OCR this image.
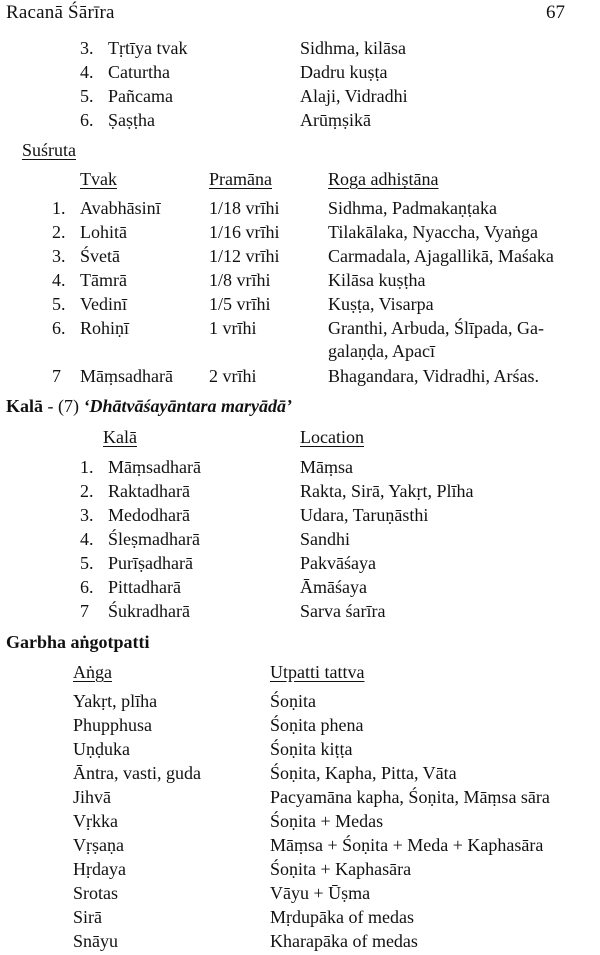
Racanā Śārīra	67
3. Tṛtīya tvak	Sidhma, kilāsa
4. Caturtha	Dadru kuṣṭa
5. Pañcama	Alaji, Vidradhi
6. Ṣaṣṭha	Arūṃṣikā
Suśruta
Tvak	Pramāna	Roga adhiṣtāna
1. Avabhāsinī	1/18 vrīhi	Sidhma, Padmakaṇṭaka
2. Lohitā	1/16 vrīhi	Tilakālaka, Nyaccha, Vyaṅga
3. Śvetā	1/12 vrīhi	Carmadala, Ajagallikā, Maśaka
4. Tāmrā	1/8 vrīhi	Kilāsa kuṣṭha
5. Vedinī	1/5 vrīhi	Kuṣṭa, Visarpa
6. Rohiṇī	1 vrīhi	Granthi, Arbuda, Ślīpada, Ga-
galaṇḍa, Apacī
7 Māṃsadharā 2 vrīhi	Bhagandara, Vidradhi, Arśas.
Kalā - (7) ‘Dhātvāśayāntara maryādā’
Kalā	Location
1. Māṃsadharā	Māṃsa
2. Raktadharā	Rakta, Sirā, Yakṛt, Plīha
3. Medodharā	Udara, Taruṇāsthi
4. Śleṣmadharā	Sandhi
5. Purīṣadharā	Pakvāśaya
6. Pittadharā	Āmāśaya
7 Śukradharā	Sarva śarīra
Garbha aṅgotpatti
Aṅga	Utpatti tattva
Yakṛt, plīha	Śoṇita
Phupphusa	Śoṇita phena
Uṇḍuka	Śoṇita kiṭṭa
Āntra, vasti, guda	Śoṇita, Kapha, Pitta, Vāta
Jihvā	Pacyamāna kapha, Śoṇita, Māṃsa sāra
Vṛkka	Śoṇita + Medas
Vṛṣaṇa	Māṃsa + Śoṇita + Meda + Kaphasāra
Hṛdaya	Śoṇita + Kaphasāra
Srotas	Vāyu + Ūṣma
Sirā	Mṛdupāka of medas
Snāyu	Kharapāka of medas
